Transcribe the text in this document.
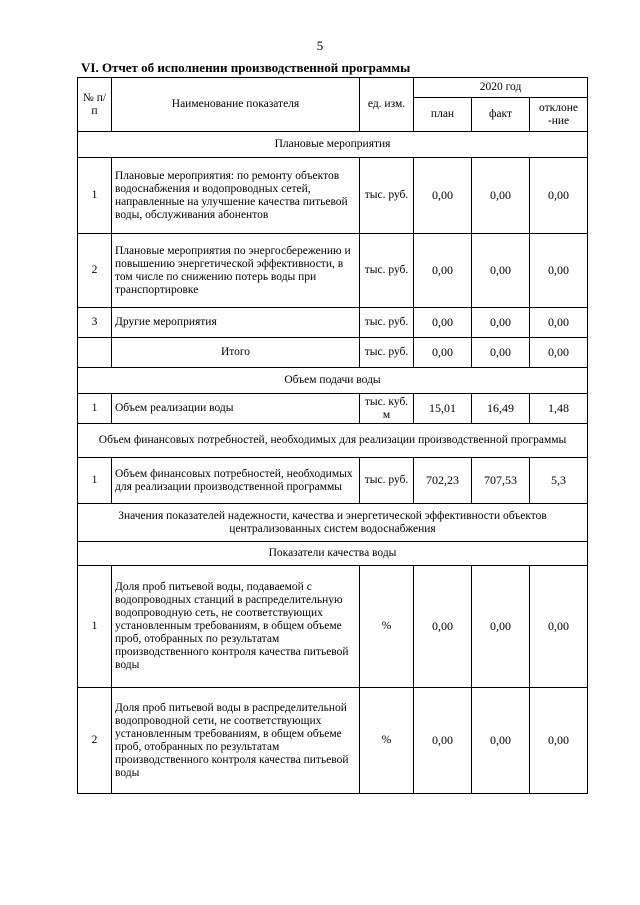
5
VI. Отчет об исполнении производственной программы
№ п/п	Наименование показателя	ед. изм.	2020 год		
			план	факт	отклоне -ние
Плановые мероприятия					
1	Плановые мероприятия: по ремонту объектов водоснабжения и водопроводных сетей, направленные на улучшение качества питьевой воды, обслуживания абонентов	тыс. руб.	0,00	0,00	0,00
2	Плановые мероприятия по энергосбережению и повышению энергетической эффективности, в том числе по снижению потерь воды при транспортировке	тыс. руб.	0,00	0,00	0,00
3	Другие мероприятия	тыс. руб.	0,00	0,00	0,00
	Итого	тыс. руб.	0,00	0,00	0,00
Объем подачи воды					
1	Объем реализации воды	тыс. куб. м	15,01	16,49	1,48
Объем финансовых потребностей, необходимых для реализации производственной программы					
1	Объем финансовых потребностей, необходимых для реализации производственной программы	тыс. руб.	702,23	707,53	5,3
Значения показателей надежности, качества и энергетической эффективности объектов централизованных систем водоснабжения					
Показатели качества воды					
1	Доля проб питьевой воды, подаваемой с водопроводных станций в распределительную водопроводную сеть, не соответствующих установленным требованиям, в общем объеме проб, отобранных по результатам производственного контроля качества питьевой воды	%	0,00	0,00	0,00
2	Доля проб питьевой воды в распределительной водопроводной сети, не соответствующих установленным требованиям, в общем объеме проб, отобранных по результатам производственного контроля качества питьевой воды	%	0,00	0,00	0,00
